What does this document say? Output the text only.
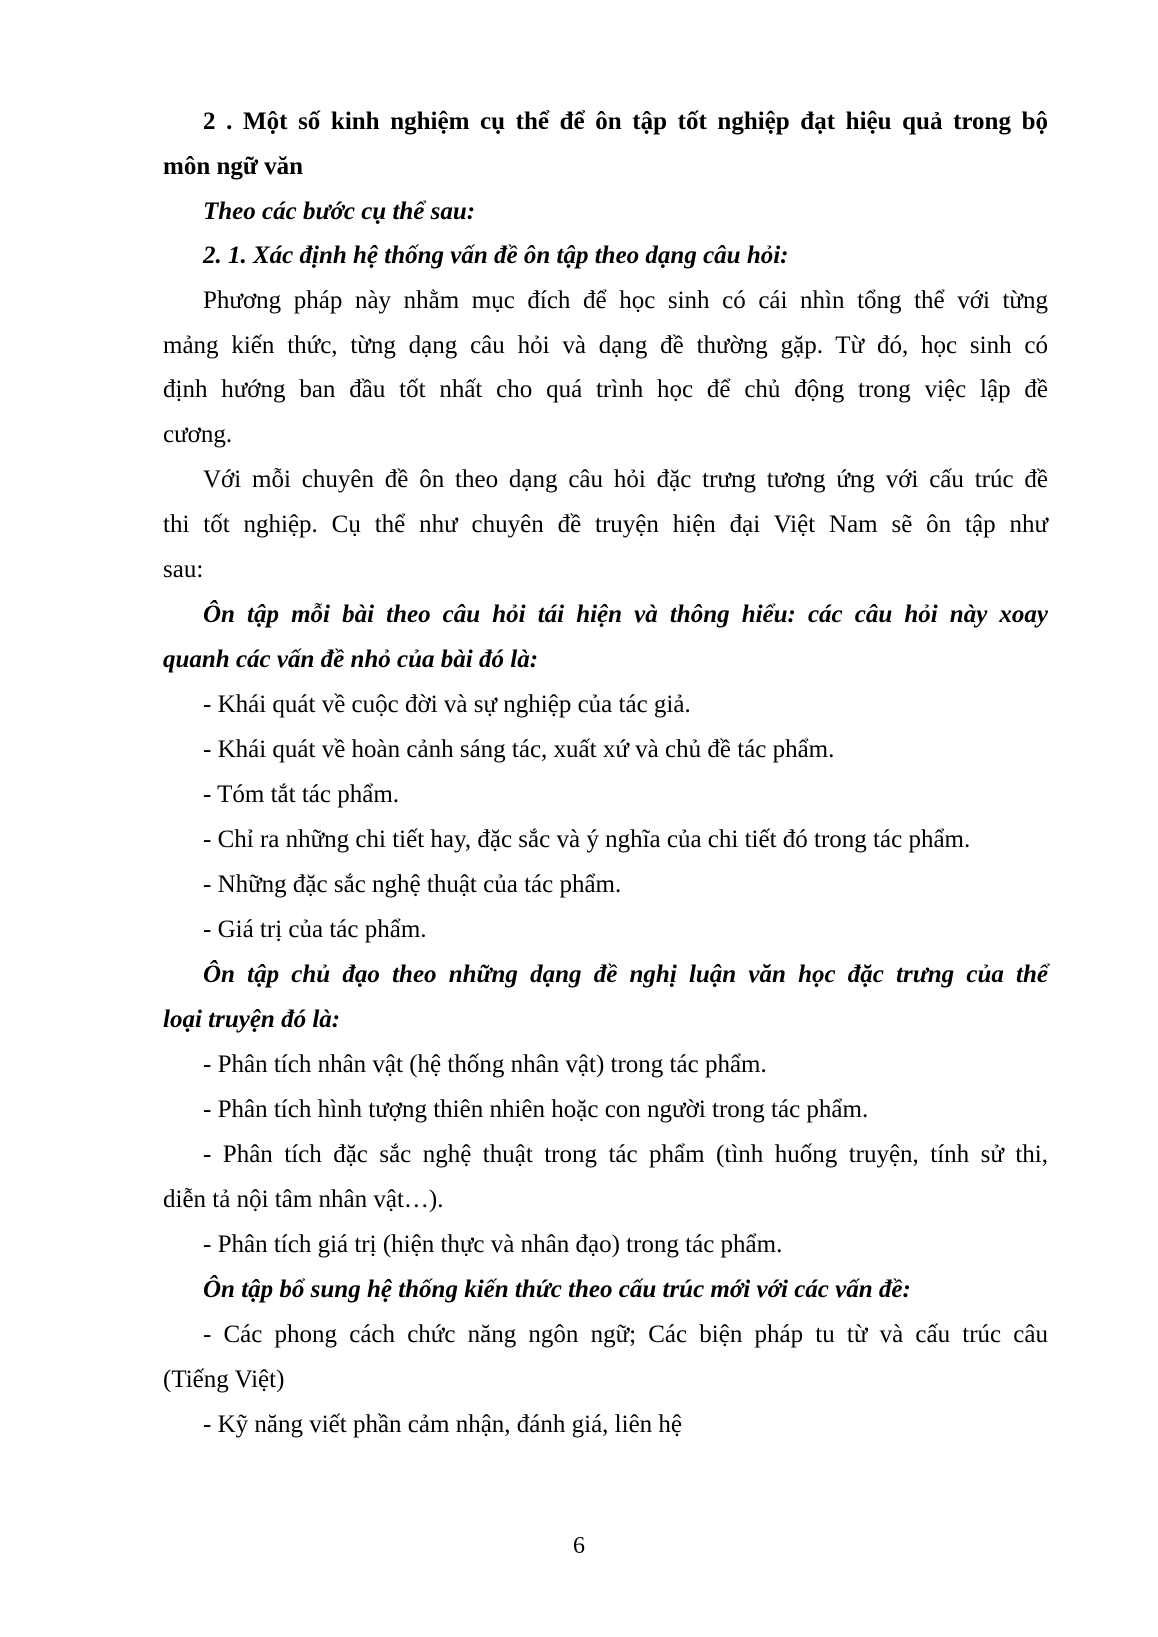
2 . Một số kinh nghiệm cụ thể để ôn tập tốt nghiệp đạt hiệu quả trong bộ
môn ngữ văn
Theo các bước cụ thể sau:
2. 1. Xác định hệ thống vấn đề ôn tập theo dạng câu hỏi:
Phương pháp này nhằm mục đích để học sinh có cái nhìn tổng thể với từng
mảng kiến thức, từng dạng câu hỏi và dạng đề thường gặp. Từ đó, học sinh có
định hướng ban đầu tốt nhất cho quá trình học để chủ động trong việc lập đề
cương.
Với mỗi chuyên đề ôn theo dạng câu hỏi đặc trưng tương ứng với cấu trúc đề
thi tốt nghiệp. Cụ thể như chuyên đề truyện hiện đại Việt Nam sẽ ôn tập như
sau:
Ôn tập mỗi bài theo câu hỏi tái hiện và thông hiểu: các câu hỏi này xoay
quanh các vấn đề nhỏ của bài đó là:
- Khái quát về cuộc đời và sự nghiệp của tác giả.
- Khái quát về hoàn cảnh sáng tác, xuất xứ và chủ đề tác phẩm.
- Tóm tắt tác phẩm.
- Chỉ ra những chi tiết hay, đặc sắc và ý nghĩa của chi tiết đó trong tác phẩm.
- Những đặc sắc nghệ thuật của tác phẩm.
- Giá trị của tác phẩm.
Ôn tập chủ đạo theo những dạng đề nghị luận văn học đặc trưng của thể
loại truyện đó là:
- Phân tích nhân vật (hệ thống nhân vật) trong tác phẩm.
- Phân tích hình tượng thiên nhiên hoặc con người trong tác phẩm.
- Phân tích đặc sắc nghệ thuật trong tác phẩm (tình huống truyện, tính sử thi,
diễn tả nội tâm nhân vật…).
- Phân tích giá trị (hiện thực và nhân đạo) trong tác phẩm.
Ôn tập bổ sung hệ thống kiến thức theo cấu trúc mới với các vấn đề:
- Các phong cách chức năng ngôn ngữ; Các biện pháp tu từ và cấu trúc câu
(Tiếng Việt)
- Kỹ năng viết phần cảm nhận, đánh giá, liên hệ
6
